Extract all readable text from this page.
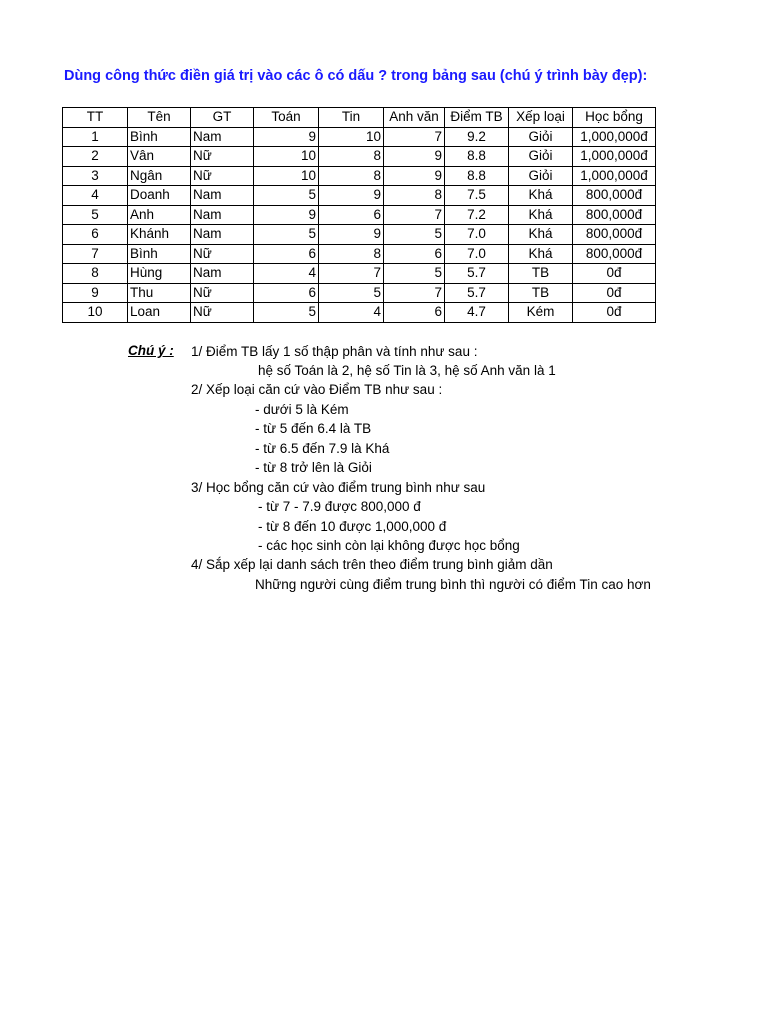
Dùng công thức điền giá trị vào các ô có dấu ? trong bảng sau (chú ý trình bày đẹp):
TT	Tên	GT	Toán	Tin	Anh văn	Điểm TB	Xếp loại	Học bổng
1	Bình	Nam	9	10	7	9.2	Giỏi	1,000,000đ
2	Vân	Nữ	10	8	9	8.8	Giỏi	1,000,000đ
3	Ngân	Nữ	10	8	9	8.8	Giỏi	1,000,000đ
4	Doanh	Nam	5	9	8	7.5	Khá	800,000đ
5	Anh	Nam	9	6	7	7.2	Khá	800,000đ
6	Khánh	Nam	5	9	5	7.0	Khá	800,000đ
7	Bình	Nữ	6	8	6	7.0	Khá	800,000đ
8	Hùng	Nam	4	7	5	5.7	TB	0đ
9	Thu	Nữ	6	5	7	5.7	TB	0đ
10	Loan	Nữ	5	4	6	4.7	Kém	0đ
Chú ý : 1/ Điểm TB lấy 1 số thập phân và tính như sau :
hệ số Toán là 2, hệ số Tin là 3, hệ số Anh văn là 1
2/ Xếp loại căn cứ vào Điểm TB như sau :
- dưới 5 là Kém
- từ 5 đến 6.4 là TB
- từ 6.5 đến 7.9 là Khá
- từ 8 trở lên là Giỏi
3/ Học bổng căn cứ vào điểm trung bình như sau
- từ 7 - 7.9 được 800,000 đ
- từ 8 đến 10 được 1,000,000 đ
- các học sinh còn lại không được học bổng
4/ Sắp xếp lại danh sách trên theo điểm trung bình giảm dần
Những người cùng điểm trung bình thì người có điểm Tin cao hơn
